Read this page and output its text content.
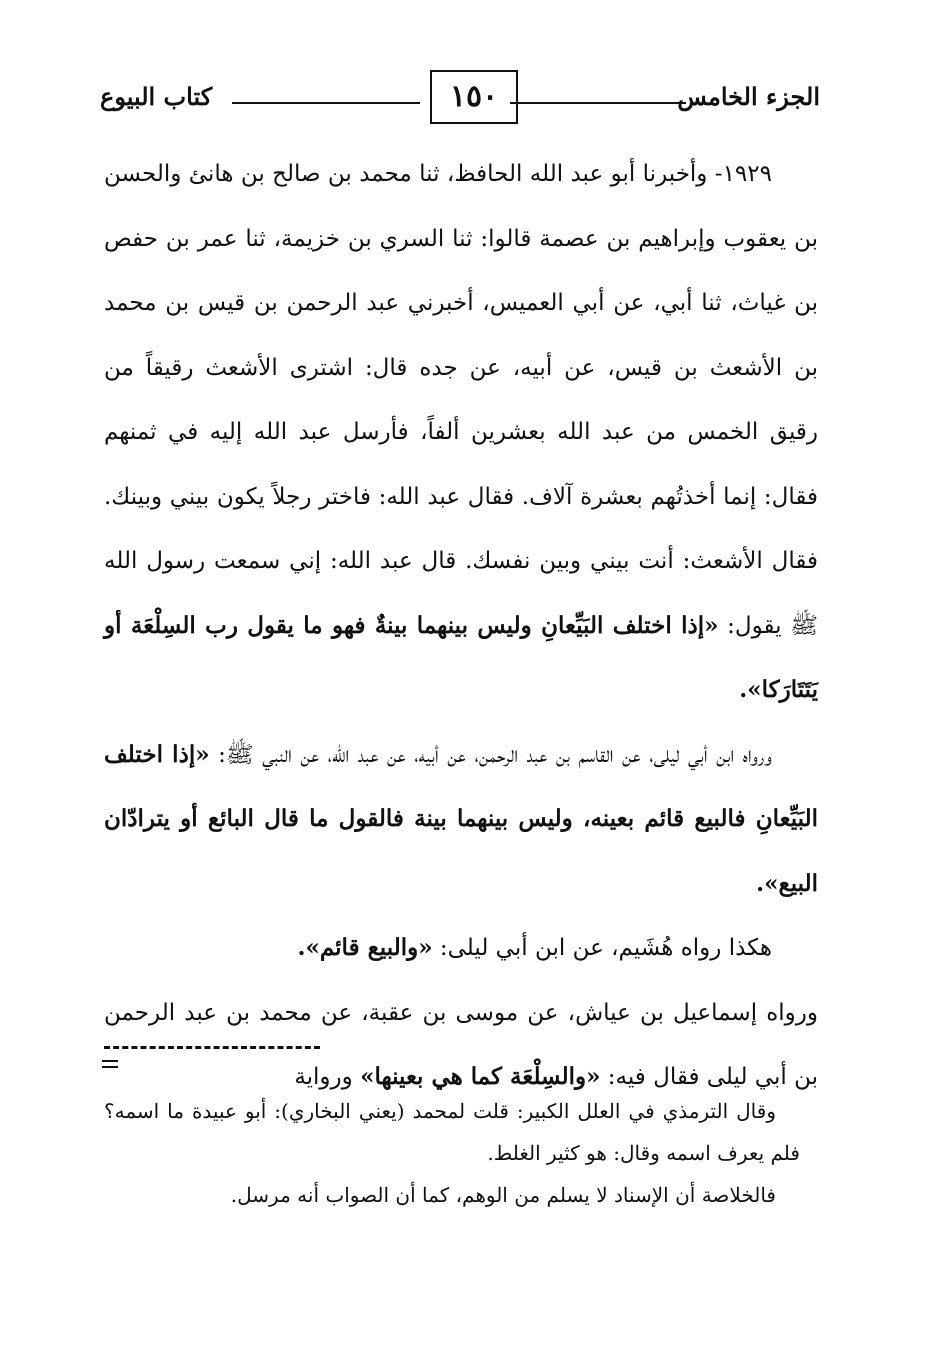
الجزء الخامس
١٥٠
كتاب البيوع

١٩٢٩- وأخبرنا أبو عبد الله الحافظ، ثنا محمد بن صالح بن هانئ والحسن بن يعقوب وإبراهيم بن عصمة قالوا: ثنا السري بن خزيمة، ثنا عمر بن حفص بن غياث، ثنا أبي، عن أبي العميس، أخبرني عبد الرحمن بن قيس بن محمد بن الأشعث بن قيس، عن أبيه، عن جده قال: اشترى الأشعث رقيقاً من رقيق الخمس من عبد الله بعشرين ألفاً، فأرسل عبد الله إليه في ثمنهم فقال: إنما أخذتُهم بعشرة آلاف. فقال عبد الله: فاختر رجلاً يكون بيني وبينك. فقال الأشعث: أنت بيني وبين نفسك. قال عبد الله: إني سمعت رسول الله ﷺ يقول: «إذا اختلف البَيِّعانِ وليس بينهما بينةٌ فهو ما يقول رب السِلْعَة أو يَتَتَارَكا».

ورواه ابن أبي ليلى، عن القاسم بن عبد الرحمن، عن أبيه، عن عبد الله، عن النبي ﷺ: «إذا اختلف البَيِّعانِ فالبيع قائم بعينه، وليس بينهما بينة فالقول ما قال البائع أو يترادّان البيع».

هكذا رواه هُشَيم، عن ابن أبي ليلى: «والبيع قائم».

ورواه إسماعيل بن عياش، عن موسى بن عقبة، عن محمد بن عبد الرحمن بن أبي ليلى فقال فيه: «والسِلْعَة كما هي بعينها» ورواية

وقال الترمذي في العلل الكبير: قلت لمحمد (يعني البخاري): أبو عبيدة ما اسمه؟ فلم يعرف اسمه وقال: هو كثير الغلط.

فالخلاصة أن الإسناد لا يسلم من الوهم، كما أن الصواب أنه مرسل.
